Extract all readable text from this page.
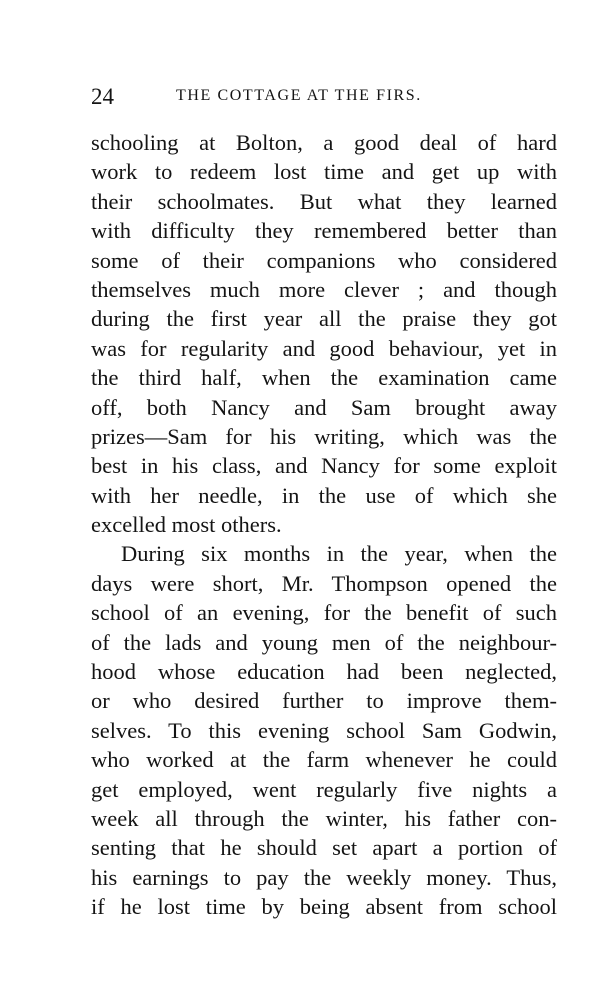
24	THE COTTAGE AT THE FIRS.
schooling at Bolton, a good deal of hard
work to redeem lost time and get up with
their schoolmates. But what they learned
with difficulty they remembered better than
some of their companions who considered
themselves much more clever ; and though
during the first year all the praise they got
was for regularity and good behaviour, yet in
the third half, when the examination came
off, both Nancy and Sam brought away
prizes—Sam for his writing, which was the
best in his class, and Nancy for some exploit
with her needle, in the use of which she
excelled most others.
During six months in the year, when the
days were short, Mr. Thompson opened the
school of an evening, for the benefit of such
of the lads and young men of the neighbour-
hood whose education had been neglected,
or who desired further to improve them-
selves. To this evening school Sam Godwin,
who worked at the farm whenever he could
get employed, went regularly five nights a
week all through the winter, his father con-
senting that he should set apart a portion of
his earnings to pay the weekly money. Thus,
if he lost time by being absent from school
